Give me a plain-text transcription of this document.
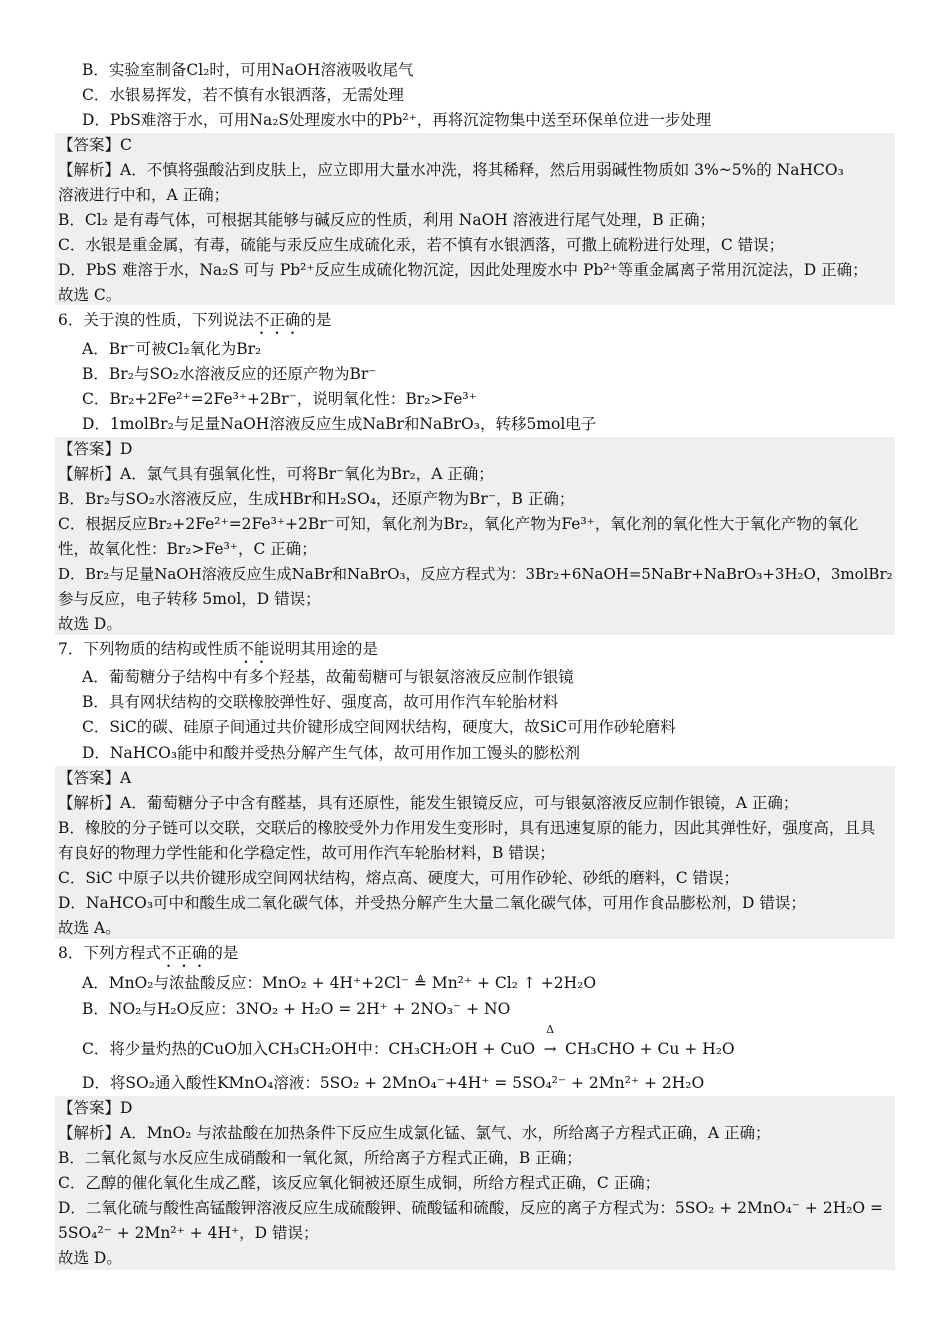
B．实验室制备Cl₂时，可用NaOH溶液吸收尾气
C．水银易挥发，若不慎有水银洒落，无需处理
D．PbS难溶于水，可用Na₂S处理废水中的Pb²⁺，再将沉淀物集中送至环保单位进一步处理
【答案】C
【解析】A．不慎将强酸沾到皮肤上，应立即用大量水冲洗，将其稀释，然后用弱碱性物质如 3%~5%的 NaHCO₃
溶液进行中和，A 正确；
B．Cl₂ 是有毒气体，可根据其能够与碱反应的性质，利用 NaOH 溶液进行尾气处理，B 正确；
C．水银是重金属，有毒，硫能与汞反应生成硫化汞，若不慎有水银洒落，可撒上硫粉进行处理，C 错误；
D．PbS 难溶于水，Na₂S 可与 Pb²⁺反应生成硫化物沉淀，因此处理废水中 Pb²⁺等重金属离子常用沉淀法，D 正确；
故选 C。
6．关于溴的性质，下列说法不正确的是
A．Br⁻可被Cl₂氧化为Br₂
B．Br₂与SO₂水溶液反应的还原产物为Br⁻
C．Br₂+2Fe²⁺=2Fe³⁺+2Br⁻，说明氧化性：Br₂>Fe³⁺
D．1molBr₂与足量NaOH溶液反应生成NaBr和NaBrO₃，转移5mol电子
【答案】D
【解析】A．氯气具有强氧化性，可将Br⁻氧化为Br₂，A 正确；
B．Br₂与SO₂水溶液反应，生成HBr和H₂SO₄，还原产物为Br⁻，B 正确；
C．根据反应Br₂+2Fe²⁺=2Fe³⁺+2Br⁻可知，氧化剂为Br₂，氧化产物为Fe³⁺，氧化剂的氧化性大于氧化产物的氧化
性，故氧化性：Br₂>Fe³⁺，C 正确；
D．Br₂与足量NaOH溶液反应生成NaBr和NaBrO₃，反应方程式为：3Br₂+6NaOH=5NaBr+NaBrO₃+3H₂O，3molBr₂
参与反应，电子转移 5mol，D 错误；
故选 D。
7．下列物质的结构或性质不能说明其用途的是
A．葡萄糖分子结构中有多个羟基，故葡萄糖可与银氨溶液反应制作银镜
B．具有网状结构的交联橡胶弹性好、强度高，故可用作汽车轮胎材料
C．SiC的碳、硅原子间通过共价键形成空间网状结构，硬度大，故SiC可用作砂轮磨料
D．NaHCO₃能中和酸并受热分解产生气体，故可用作加工馒头的膨松剂
【答案】A
【解析】A．葡萄糖分子中含有醛基，具有还原性，能发生银镜反应，可与银氨溶液反应制作银镜，A 正确；
B．橡胶的分子链可以交联，交联后的橡胶受外力作用发生变形时，具有迅速复原的能力，因此其弹性好，强度高，且具
有良好的物理力学性能和化学稳定性，故可用作汽车轮胎材料，B 错误；
C．SiC 中原子以共价键形成空间网状结构，熔点高、硬度大，可用作砂轮、砂纸的磨料，C 错误；
D．NaHCO₃可中和酸生成二氧化碳气体，并受热分解产生大量二氧化碳气体，可用作食品膨松剂，D 错误；
故选 A。
8．下列方程式不正确的是
A．MnO₂与浓盐酸反应：MnO₂ + 4H⁺+2Cl⁻ ≜ Mn²⁺ + Cl₂ ↑ +2H₂O
B．NO₂与H₂O反应：3NO₂ + H₂O = 2H⁺ + 2NO₃⁻ + NO
C．将少量灼热的CuO加入CH₃CH₂OH中：CH₃CH₂OH + CuO
Δ
→ CH₃CHO + Cu + H₂O
D．将SO₂通入酸性KMnO₄溶液：5SO₂ + 2MnO₄⁻+4H⁺ = 5SO₄²⁻ + 2Mn²⁺ + 2H₂O
【答案】D
【解析】A．MnO₂ 与浓盐酸在加热条件下反应生成氯化锰、氯气、水，所给离子方程式正确，A 正确；
B．二氧化氮与水反应生成硝酸和一氧化氮，所给离子方程式正确，B 正确；
C．乙醇的催化氧化生成乙醛，该反应氧化铜被还原生成铜，所给方程式正确，C 正确；
D．二氧化硫与酸性高锰酸钾溶液反应生成硫酸钾、硫酸锰和硫酸，反应的离子方程式为：5SO₂ + 2MnO₄⁻ + 2H₂O =
5SO₄²⁻ + 2Mn²⁺ + 4H⁺，D 错误；
故选 D。
